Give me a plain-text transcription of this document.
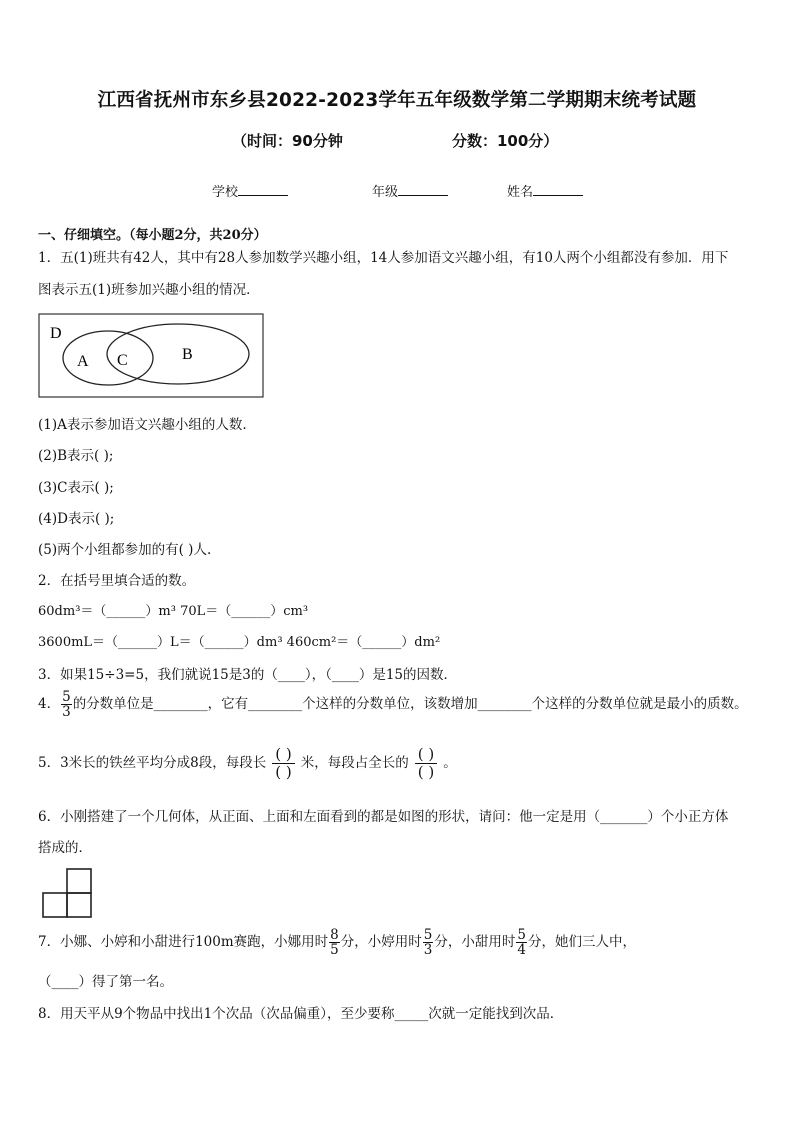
江西省抚州市东乡县2022-2023学年五年级数学第二学期期末统考试题
（时间：90分钟	分数：100分）
学校	年级	姓名
一、仔细填空。（每小题2分，共20分）
1．五(1)班共有42人，其中有28人参加数学兴趣小组，14人参加语文兴趣小组，有10人两个小组都没有参加．用下
图表示五(1)班参加兴趣小组的情况．
D
A C	B
(1)A表示参加语文兴趣小组的人数.
(2)B表示( );
(3)C表示( );
(4)D表示( );
(5)两个小组都参加的有( )人.
2．在括号里填合适的数。
60dm³＝（______）m³ 70L＝（______）cm³
3600mL＝（______）L＝（______）dm³ 460cm²＝（______）dm²
3．如果15÷3=5，我们就说15是3的（____），（____）是15的因数．
4． $\frac{5}{3}$ 的分数单位是________，它有________个这样的分数单位，该数增加________个这样的分数单位就是最小的质数。
5．3米长的铁丝平均分成8段，每段长 $\frac{( )}{( )}$ 米，每段占全长的 $\frac{( )}{( )}$ 。
6．小刚搭建了一个几何体，从正面、上面和左面看到的都是如图的形状，请问：他一定是用（_______）个小正方体
搭成的．
7．小娜、小婷和小甜进行100m赛跑，小娜用时 $\frac{8}{5}$ 分，小婷用时 $\frac{5}{3}$ 分，小甜用时 $\frac{5}{4}$ 分，她们三人中，
（____）得了第一名。
8．用天平从9个物品中找出1个次品（次品偏重），至少要称_____次就一定能找到次品．
